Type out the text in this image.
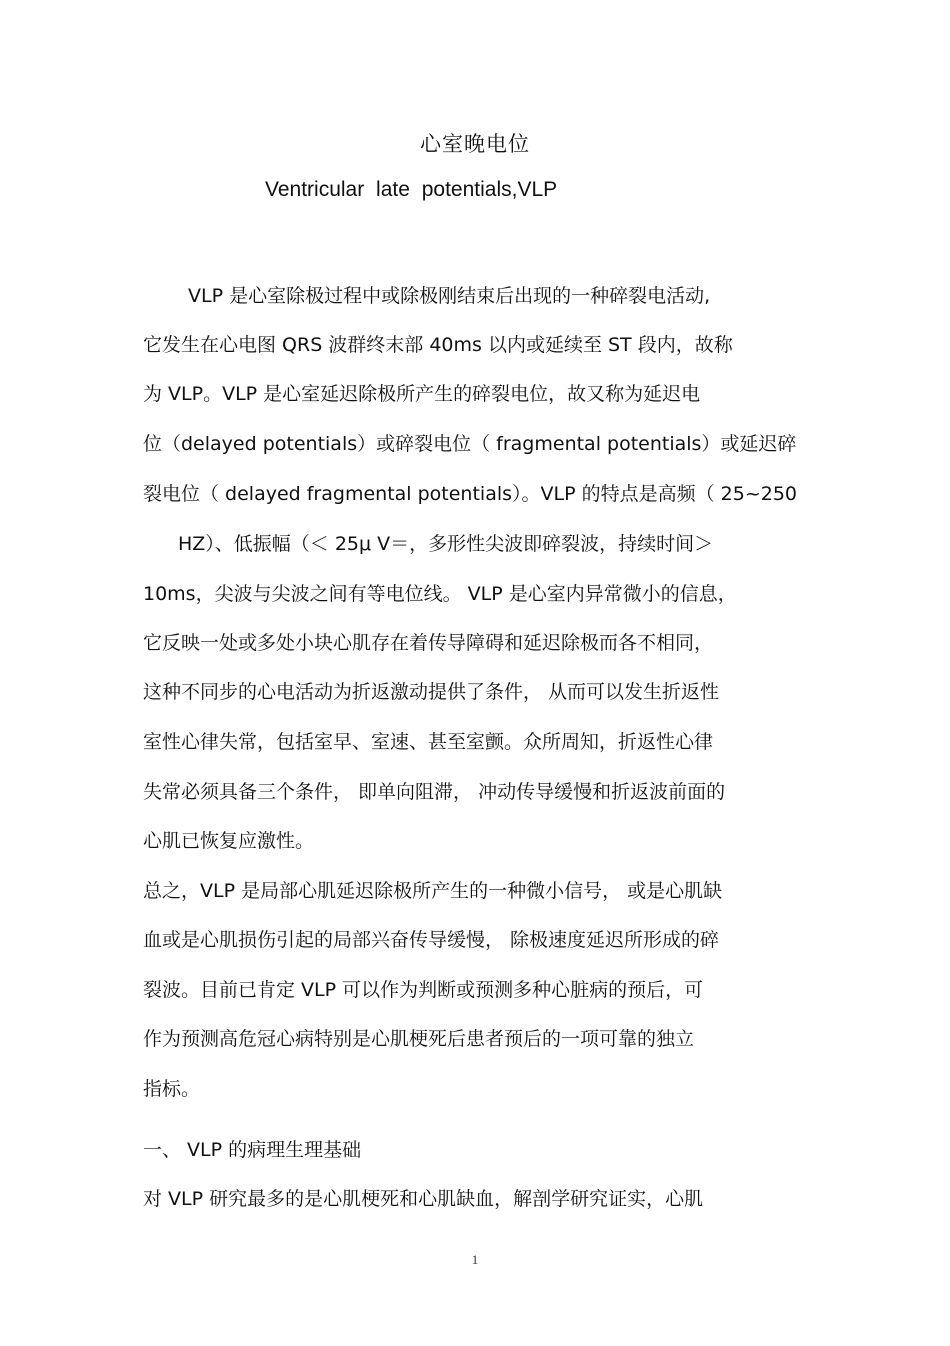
心室晚电位
Ventricular late potentials,VLP
VLP 是心室除极过程中或除极刚结束后出现的一种碎裂电活动,
它发生在心电图 QRS 波群终末部 40ms 以内或延续至 ST 段内，故称
为 VLP。VLP 是心室延迟除极所产生的碎裂电位，故又称为延迟电
位（delayed potentials）或碎裂电位（ fragmental potentials）或延迟碎
裂电位（ delayed fragmental potentials）。VLP 的特点是高频（ 25~250
HZ）、低振幅（＜ 25μ V＝，多形性尖波即碎裂波，持续时间＞
10ms，尖波与尖波之间有等电位线。 VLP 是心室内异常微小的信息，
它反映一处或多处小块心肌存在着传导障碍和延迟除极而各不相同，
这种不同步的心电活动为折返激动提供了条件， 从而可以发生折返性
室性心律失常，包括室早、室速、甚至室颤。众所周知，折返性心律
失常必须具备三个条件， 即单向阻滞， 冲动传导缓慢和折返波前面的
心肌已恢复应激性。
总之，VLP 是局部心肌延迟除极所产生的一种微小信号， 或是心肌缺
血或是心肌损伤引起的局部兴奋传导缓慢， 除极速度延迟所形成的碎
裂波。目前已肯定 VLP 可以作为判断或预测多种心脏病的预后，可
作为预测高危冠心病特别是心肌梗死后患者预后的一项可靠的独立
指标。
一、 VLP 的病理生理基础
对 VLP 研究最多的是心肌梗死和心肌缺血，解剖学研究证实，心肌
1
